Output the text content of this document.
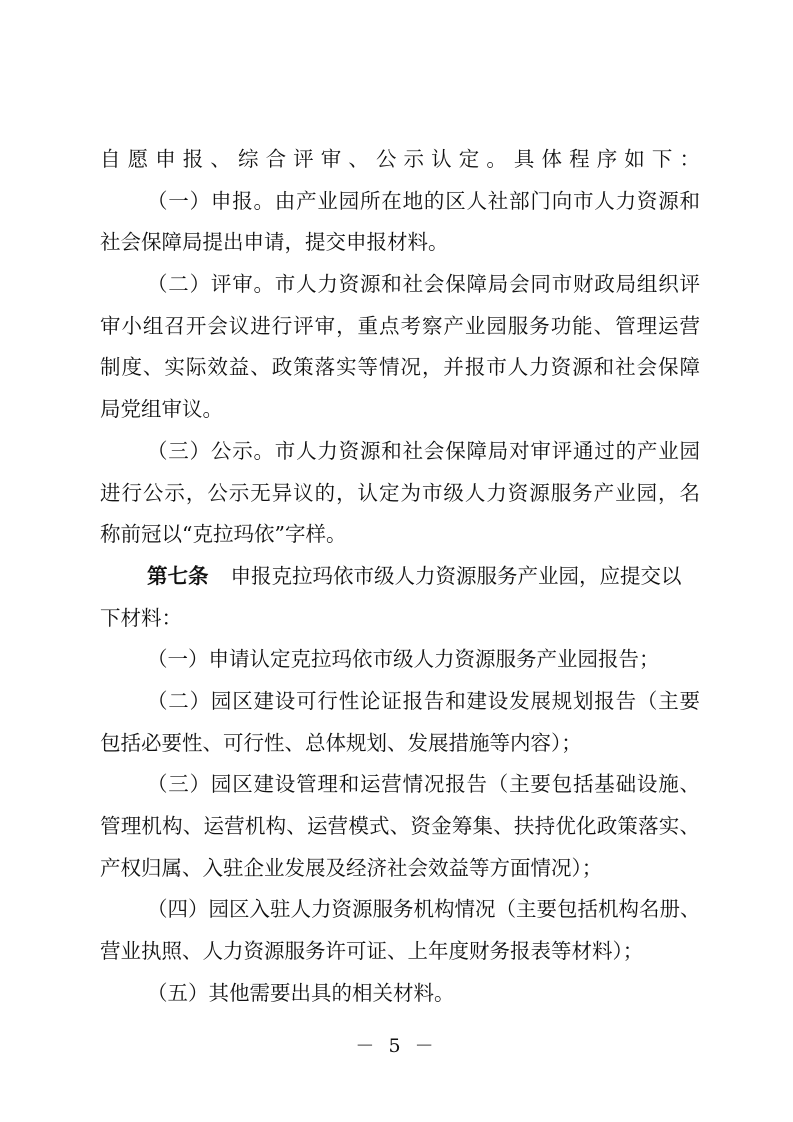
自愿申报、综合评审、公示认定。具体程序如下：
（一）申报。由产业园所在地的区人社部门向市人力资源和
社会保障局提出申请，提交申报材料。
（二）评审。市人力资源和社会保障局会同市财政局组织评
审小组召开会议进行评审，重点考察产业园服务功能、管理运营
制度、实际效益、政策落实等情况，并报市人力资源和社会保障
局党组审议。
（三）公示。市人力资源和社会保障局对审评通过的产业园
进行公示，公示无异议的，认定为市级人力资源服务产业园，名
称前冠以“克拉玛依”字样。
第七条 申报克拉玛依市级人力资源服务产业园，应提交以
下材料：
（一）申请认定克拉玛依市级人力资源服务产业园报告；
（二）园区建设可行性论证报告和建设发展规划报告（主要
包括必要性、可行性、总体规划、发展措施等内容）；
（三）园区建设管理和运营情况报告（主要包括基础设施、
管理机构、运营机构、运营模式、资金筹集、扶持优化政策落实、
产权归属、入驻企业发展及经济社会效益等方面情况）；
（四）园区入驻人力资源服务机构情况（主要包括机构名册、
营业执照、人力资源服务许可证、上年度财务报表等材料）；
（五）其他需要出具的相关材料。
－ 5 －
